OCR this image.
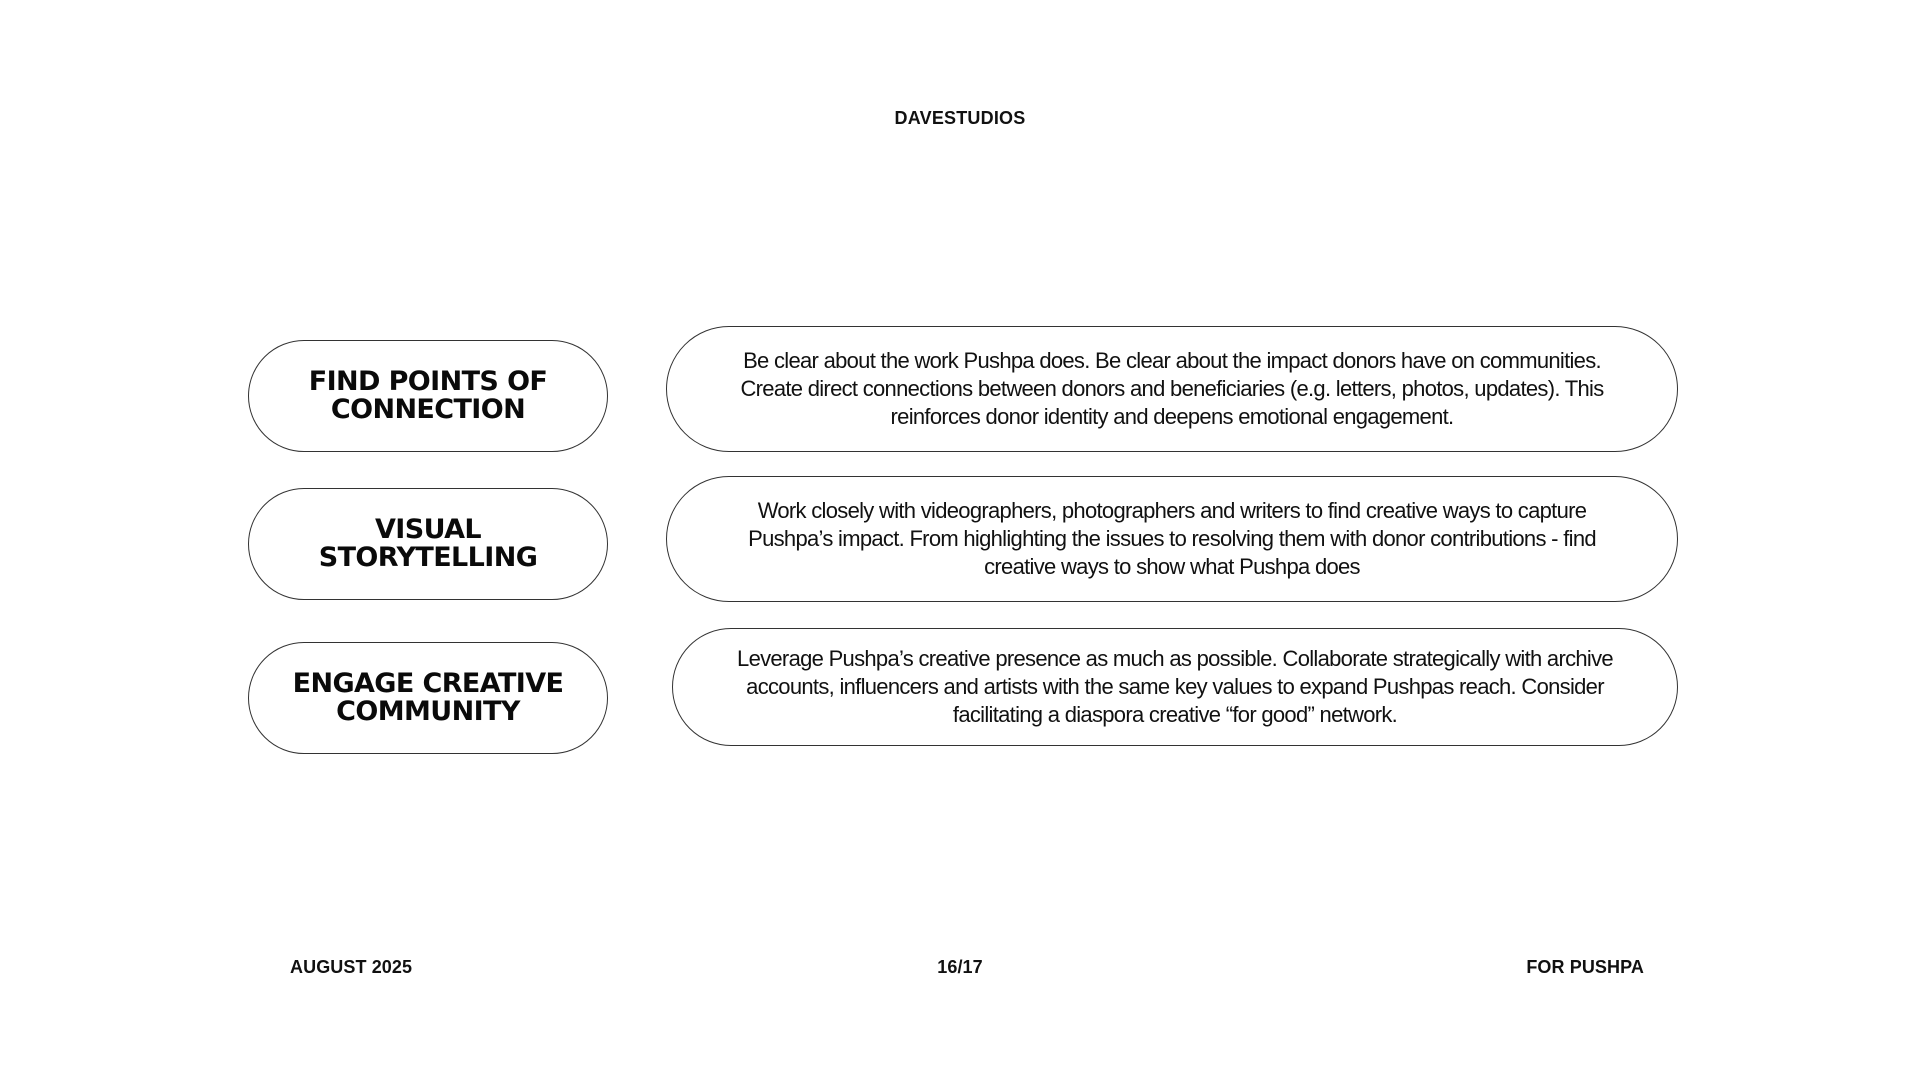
DAVESTUDIOS
FIND POINTS OF
CONNECTION
Be clear about the work Pushpa does. Be clear about the impact donors have on communities. Create direct connections between donors and beneficiaries (e.g. letters, photos, updates). This reinforces donor identity and deepens emotional engagement.
VISUAL STORYTELLING
Work closely with videographers, photographers and writers to find creative ways to capture Pushpa’s impact. From highlighting the issues to resolving them with donor contributions - find creative ways to show what Pushpa does
ENGAGE CREATIVE
COMMUNITY
Leverage Pushpa’s creative presence as much as possible. Collaborate strategically with archive accounts, influencers and artists with the same key values to expand Pushpas reach. Consider facilitating a diaspora creative “for good” network.
AUGUST 2025	16/17	FOR PUSHPA
